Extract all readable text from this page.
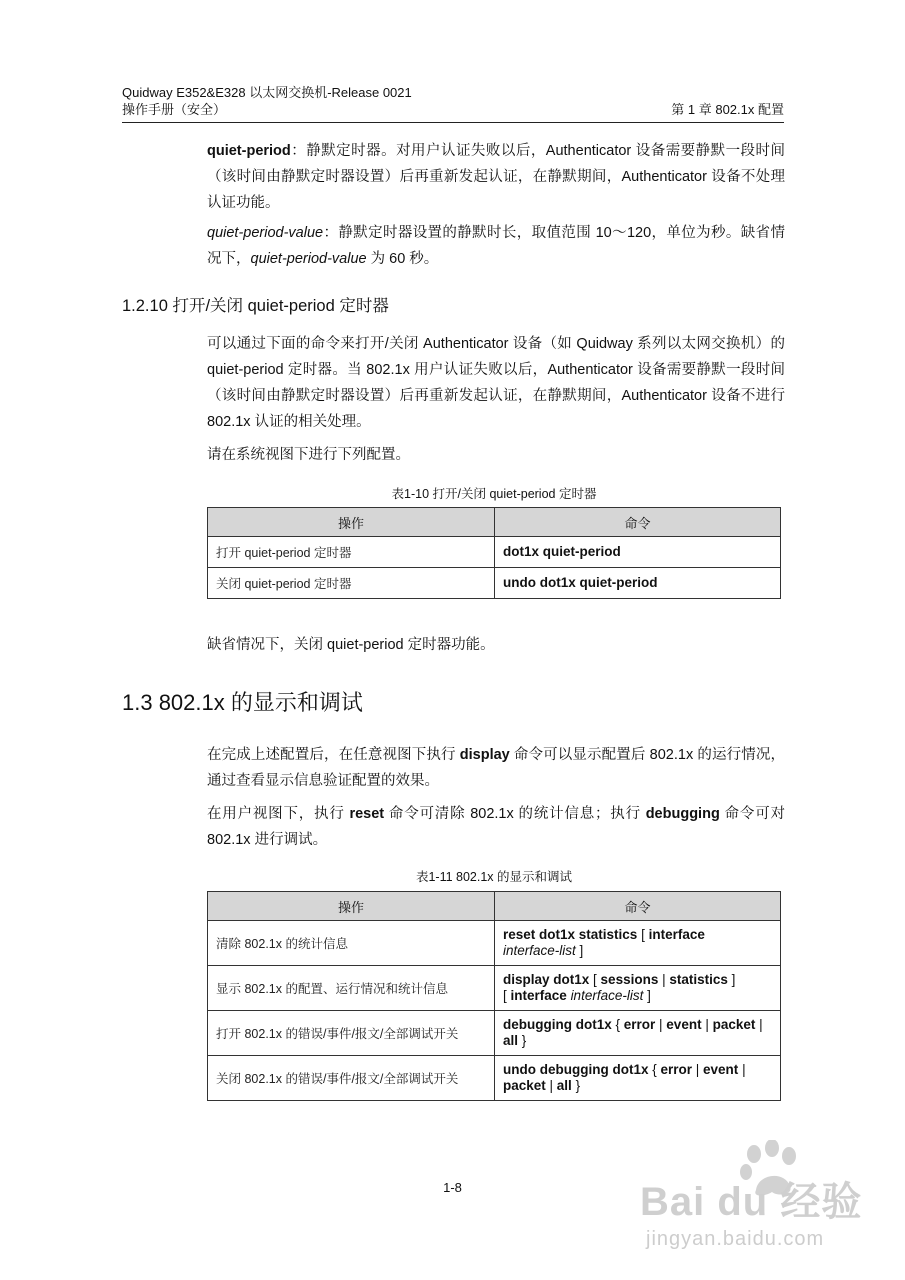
Quidway E352&E328 以太网交换机-Release 0021
操作手册（安全）	第 1 章 802.1x 配置
quiet-period：静默定时器。对用户认证失败以后，Authenticator 设备需要静默一段时间（该时间由静默定时器设置）后再重新发起认证，在静默期间，Authenticator 设备不处理认证功能。
quiet-period-value：静默定时器设置的静默时长，取值范围 10～120，单位为秒。缺省情况下，quiet-period-value 为 60 秒。
1.2.10 打开/关闭 quiet-period 定时器
可以通过下面的命令来打开/关闭 Authenticator 设备（如 Quidway 系列以太网交换机）的 quiet-period 定时器。当 802.1x 用户认证失败以后，Authenticator 设备需要静默一段时间（该时间由静默定时器设置）后再重新发起认证，在静默期间，Authenticator 设备不进行 802.1x 认证的相关处理。
请在系统视图下进行下列配置。
表1-10 打开/关闭 quiet-period 定时器
操作	命令
打开 quiet-period 定时器	dot1x quiet-period
关闭 quiet-period 定时器	undo dot1x quiet-period
缺省情况下，关闭 quiet-period 定时器功能。
1.3 802.1x 的显示和调试
在完成上述配置后，在任意视图下执行 display 命令可以显示配置后 802.1x 的运行情况，通过查看显示信息验证配置的效果。
在用户视图下，执行 reset 命令可清除 802.1x 的统计信息；执行 debugging 命令可对 802.1x 进行调试。
表1-11 802.1x 的显示和调试
操作	命令
清除 802.1x 的统计信息	reset dot1x statistics [ interface
interface-list ]
显示 802.1x 的配置、运行情况和统计信息	display dot1x [ sessions | statistics ]
[ interface interface-list ]
打开 802.1x 的错误/事件/报文/全部调试开关	debugging dot1x { error | event | packet |
all }
关闭 802.1x 的错误/事件/报文/全部调试开关	undo debugging dot1x { error | event |
packet | all }
1-8	Bai du 经验
jingyan.baidu.com
